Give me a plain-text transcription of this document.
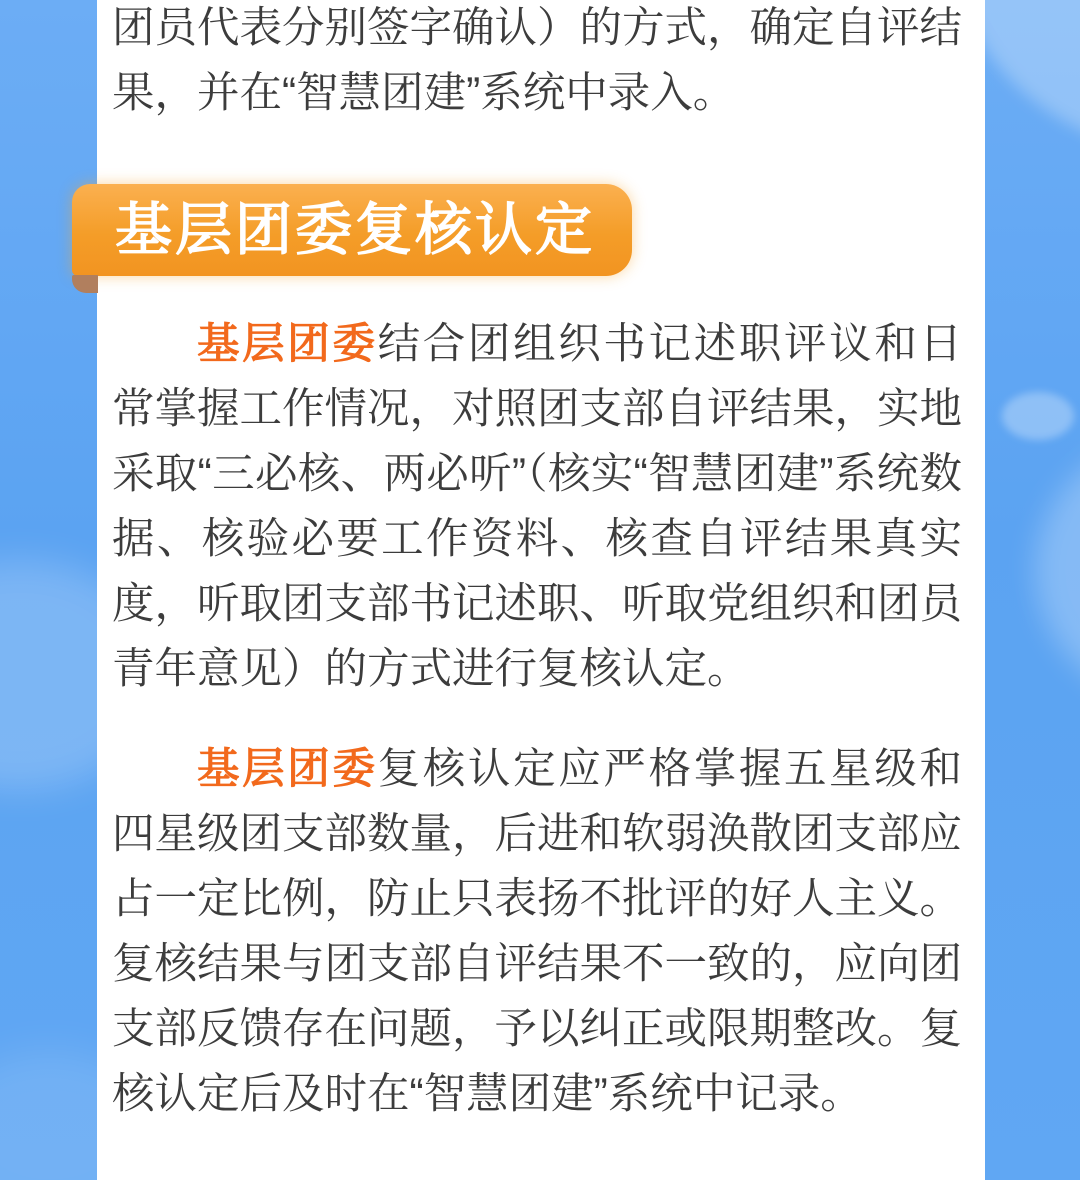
团员代表分别签字确认）的方式，确定自评结果，并在“智慧团建”系统中录入。

基层团委复核认定

基层团委结合团组织书记述职评议和日常掌握工作情况，对照团支部自评结果，实地采取“三必核、两必听”（核实“智慧团建”系统数据、核验必要工作资料、核查自评结果真实度，听取团支部书记述职、听取党组织和团员青年意见）的方式进行复核认定。

基层团委复核认定应严格掌握五星级和四星级团支部数量，后进和软弱涣散团支部应占一定比例，防止只表扬不批评的好人主义。复核结果与团支部自评结果不一致的，应向团支部反馈存在问题，予以纠正或限期整改。复核认定后及时在“智慧团建”系统中记录。
